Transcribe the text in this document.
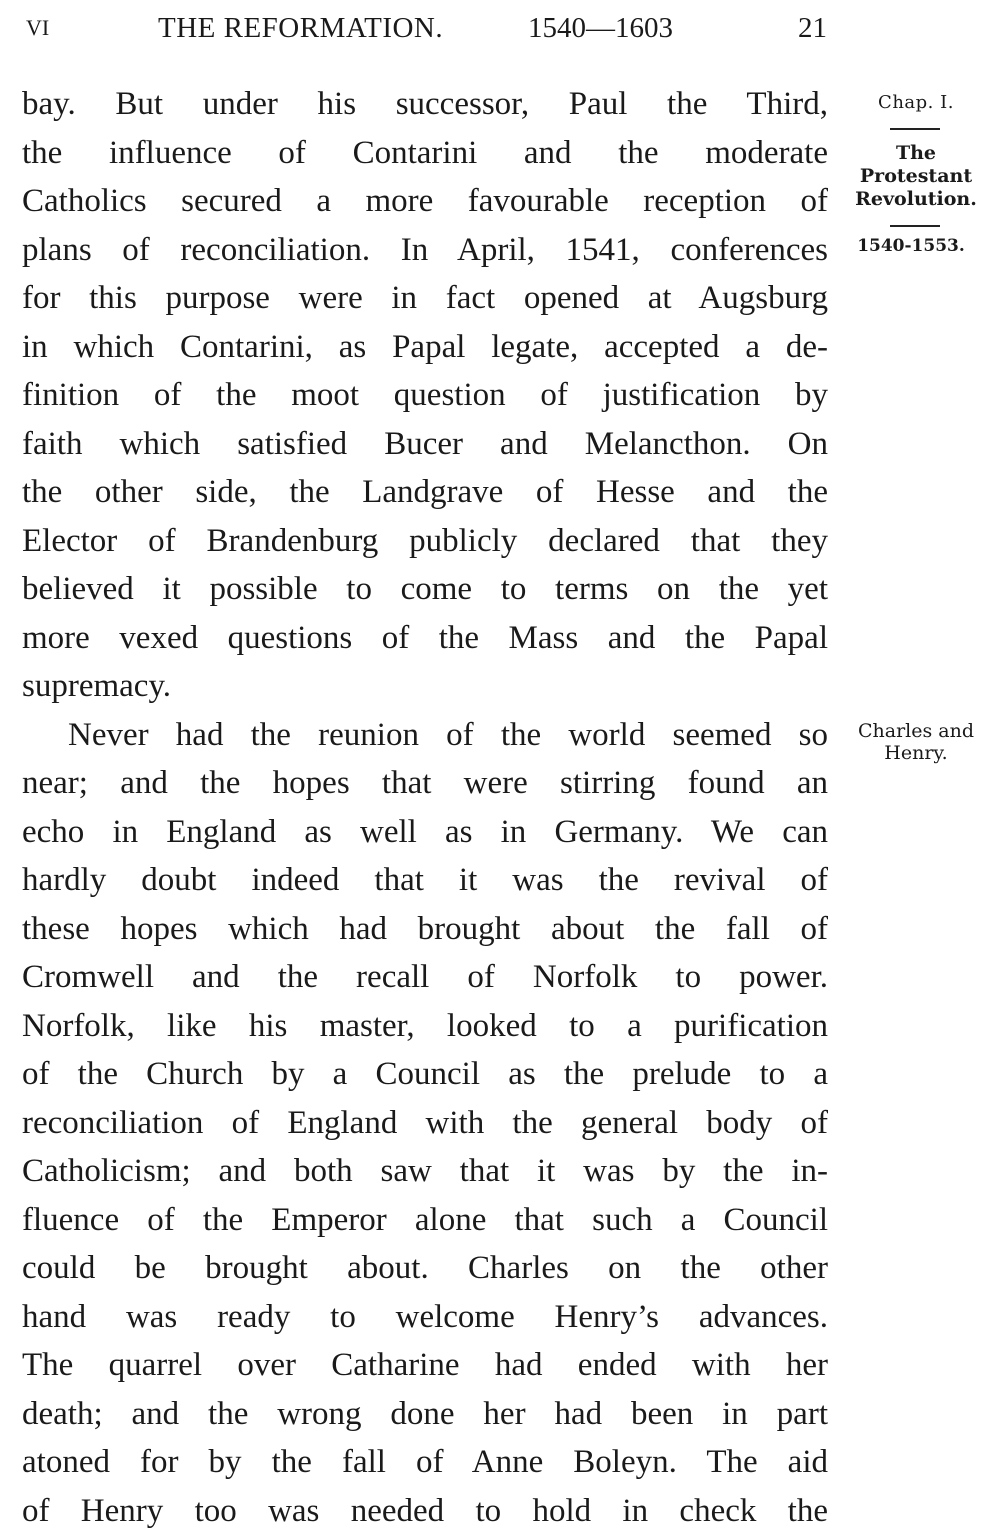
VI	THE REFORMATION.	1540—1603	21
bay. But under his successor, Paul the Third,
the influence of Contarini and the moderate
Catholics secured a more favourable reception of
plans of reconciliation. In April, 1541, conferences
for this purpose were in fact opened at Augsburg
in which Contarini, as Papal legate, accepted a de-
finition of the moot question of justification by
faith which satisfied Bucer and Melancthon. On
the other side, the Landgrave of Hesse and the
Elector of Brandenburg publicly declared that they
believed it possible to come to terms on the yet
more vexed questions of the Mass and the Papal
supremacy.
Never had the reunion of the world seemed so
near; and the hopes that were stirring found an
echo in England as well as in Germany. We can
hardly doubt indeed that it was the revival of
these hopes which had brought about the fall of
Cromwell and the recall of Norfolk to power.
Norfolk, like his master, looked to a purification
of the Church by a Council as the prelude to a
reconciliation of England with the general body of
Catholicism; and both saw that it was by the in-
fluence of the Emperor alone that such a Council
could be brought about. Charles on the other
hand was ready to welcome Henry’s advances.
The quarrel over Catharine had ended with her
death; and the wrong done her had been in part
atoned for by the fall of Anne Boleyn. The aid
of Henry too was needed to hold in check the
Chap. I.
The
Protestant
Revolution.
1540-1553.
Charles and
Henry.
